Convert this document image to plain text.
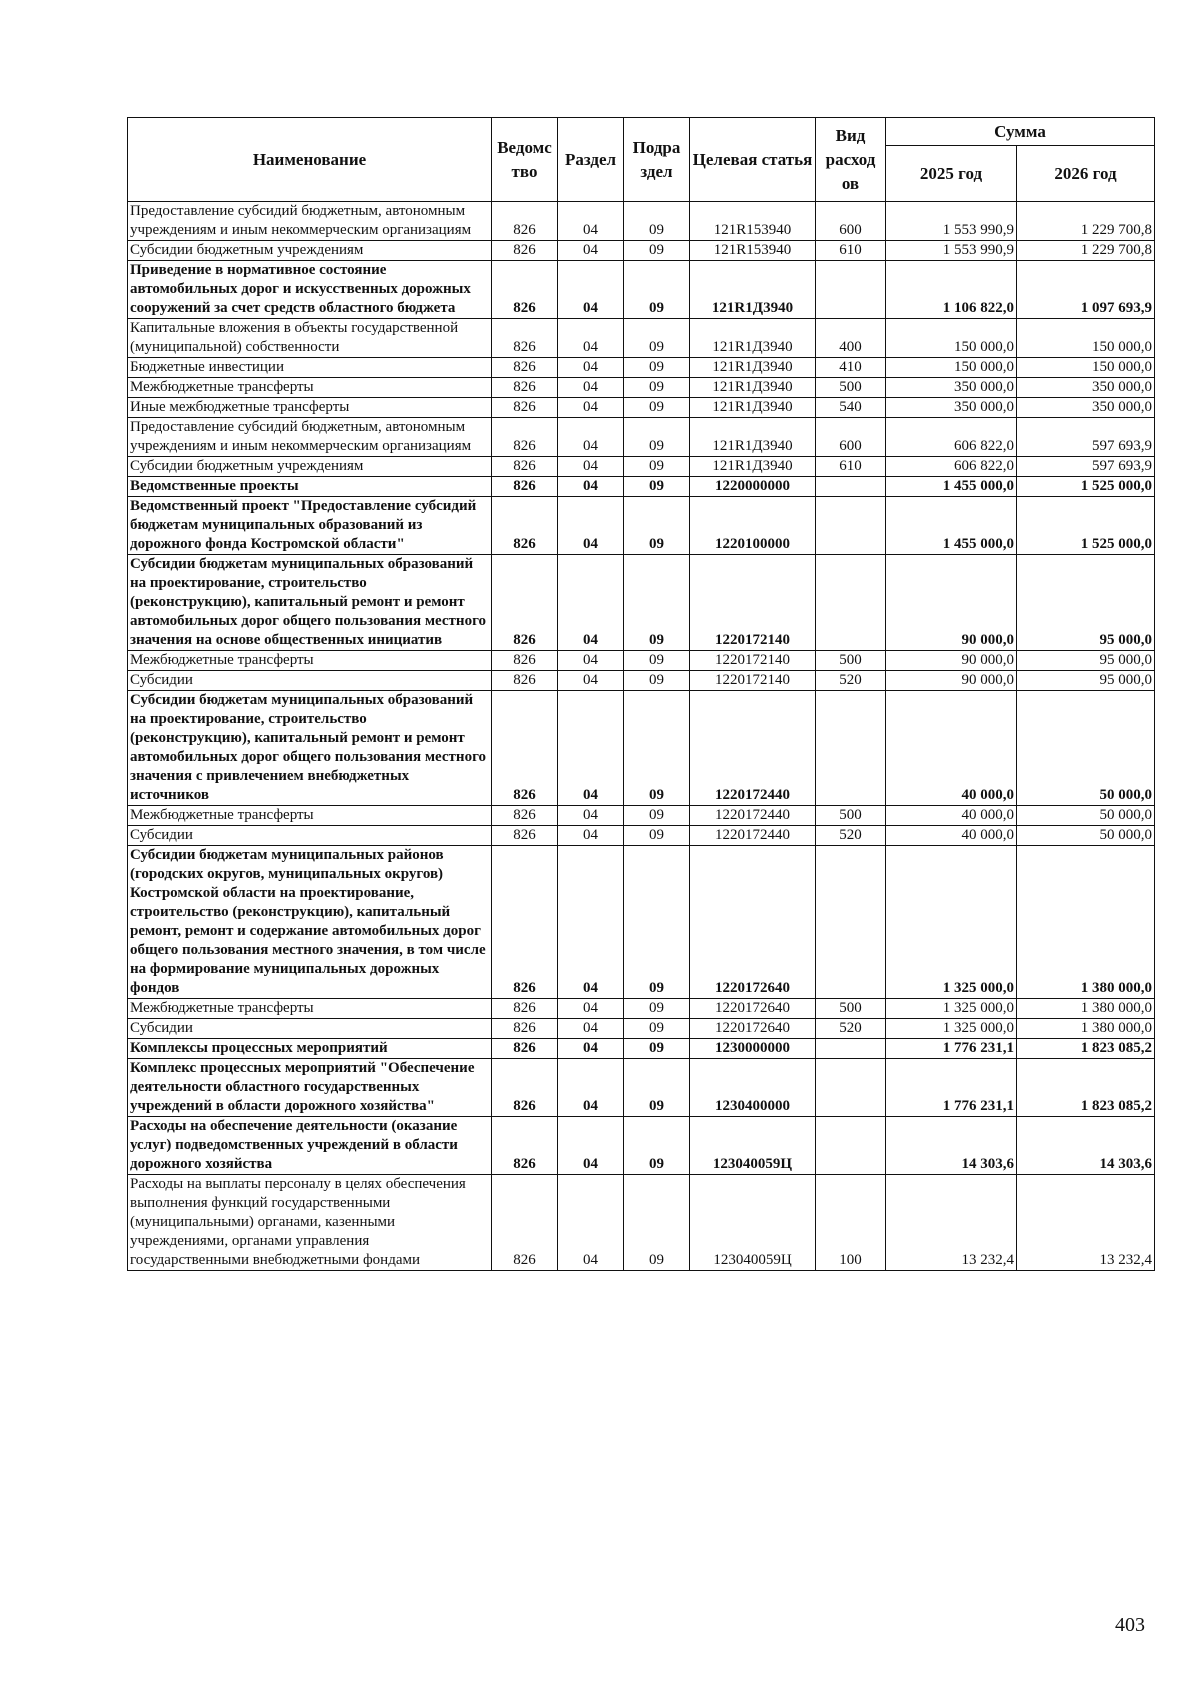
Наименование	Ведомс тво	Раздел	Подра здел	Целевая статья	Вид расход ов	Сумма	
						2025 год	2026 год
Предоставление субсидий бюджетным, автономным учреждениям и иным некоммерческим организациям	826	04	09	121R153940	600	1 553 990,9	1 229 700,8
Субсидии бюджетным учреждениям	826	04	09	121R153940	610	1 553 990,9	1 229 700,8
Приведение в нормативное состояние автомобильных дорог и искусственных дорожных сооружений за счет средств областного бюджета	826	04	09	121R1Д3940		1 106 822,0	1 097 693,9
Капитальные вложения в объекты государственной (муниципальной) собственности	826	04	09	121R1Д3940	400	150 000,0	150 000,0
Бюджетные инвестиции	826	04	09	121R1Д3940	410	150 000,0	150 000,0
Межбюджетные трансферты	826	04	09	121R1Д3940	500	350 000,0	350 000,0
Иные межбюджетные трансферты	826	04	09	121R1Д3940	540	350 000,0	350 000,0
Предоставление субсидий бюджетным, автономным учреждениям и иным некоммерческим организациям	826	04	09	121R1Д3940	600	606 822,0	597 693,9
Субсидии бюджетным учреждениям	826	04	09	121R1Д3940	610	606 822,0	597 693,9
Ведомственные проекты	826	04	09	1220000000		1 455 000,0	1 525 000,0
Ведомственный проект "Предоставление субсидий бюджетам муниципальных образований из дорожного фонда Костромской области"	826	04	09	1220100000		1 455 000,0	1 525 000,0
Субсидии бюджетам муниципальных образований на проектирование, строительство (реконструкцию), капитальный ремонт и ремонт автомобильных дорог общего пользования местного значения на основе общественных инициатив	826	04	09	1220172140		90 000,0	95 000,0
Межбюджетные трансферты	826	04	09	1220172140	500	90 000,0	95 000,0
Субсидии	826	04	09	1220172140	520	90 000,0	95 000,0
Субсидии бюджетам муниципальных образований на проектирование, строительство (реконструкцию), капитальный ремонт и ремонт автомобильных дорог общего пользования местного значения с привлечением внебюджетных источников	826	04	09	1220172440		40 000,0	50 000,0
Межбюджетные трансферты	826	04	09	1220172440	500	40 000,0	50 000,0
Субсидии	826	04	09	1220172440	520	40 000,0	50 000,0
Субсидии бюджетам муниципальных районов (городских округов, муниципальных округов) Костромской области на проектирование, строительство (реконструкцию), капитальный ремонт, ремонт и содержание автомобильных дорог общего пользования местного значения, в том числе на формирование муниципальных дорожных фондов	826	04	09	1220172640		1 325 000,0	1 380 000,0
Межбюджетные трансферты	826	04	09	1220172640	500	1 325 000,0	1 380 000,0
Субсидии	826	04	09	1220172640	520	1 325 000,0	1 380 000,0
Комплексы процессных мероприятий	826	04	09	1230000000		1 776 231,1	1 823 085,2
Комплекс процессных мероприятий "Обеспечение деятельности областного государственных учреждений в области дорожного хозяйства"	826	04	09	1230400000		1 776 231,1	1 823 085,2
Расходы на обеспечение деятельности (оказание услуг) подведомственных учреждений в области дорожного хозяйства	826	04	09	123040059Ц		14 303,6	14 303,6
Расходы на выплаты персоналу в целях обеспечения выполнения функций государственными (муниципальными) органами, казенными учреждениями, органами управления государственными внебюджетными фондами	826	04	09	123040059Ц	100	13 232,4	13 232,4
403
